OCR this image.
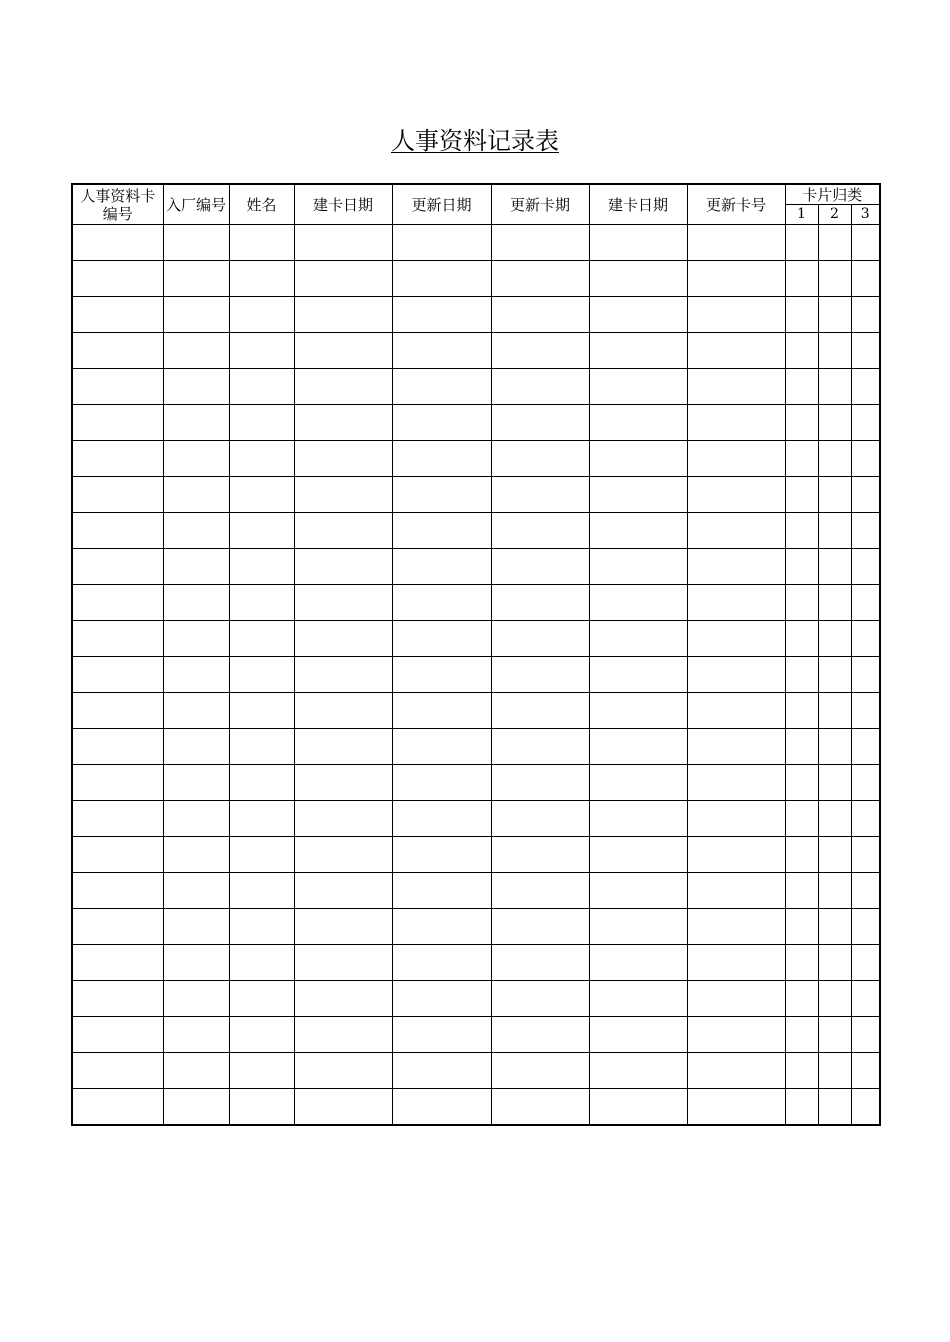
人事资料记录表
人事资料卡编号	入厂编号	姓名	建卡日期	更新日期	更新卡期	建卡日期	更新卡号	卡片归类		
								1	2	3
